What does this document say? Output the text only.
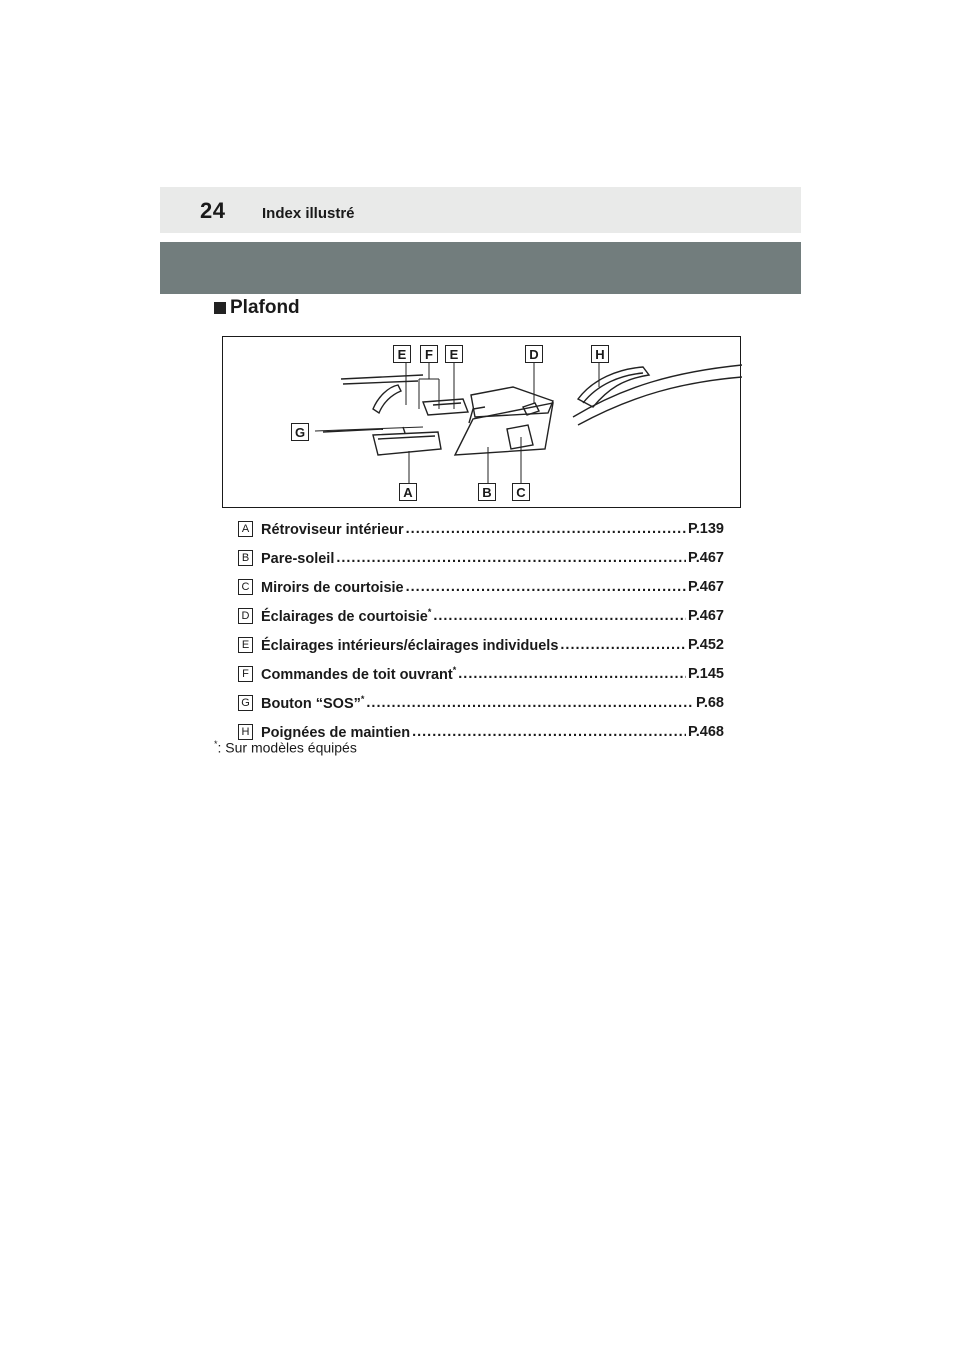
24 Index illustré
Plafond
E	F	E	D	H
G
A	B	C
A Rétroviseur intérieur .....	P.139
B Pare-soleil .....	P.467
C Miroirs de courtoisie .....	P.467
D Éclairages de courtoisie* .....	P.467
E Éclairages intérieurs/éclairages individuels .....	P.452
F Commandes de toit ouvrant* .....	P.145
G Bouton “SOS”* .....	P.68
H Poignées de maintien .....	P.468
*: Sur modèles équipés
